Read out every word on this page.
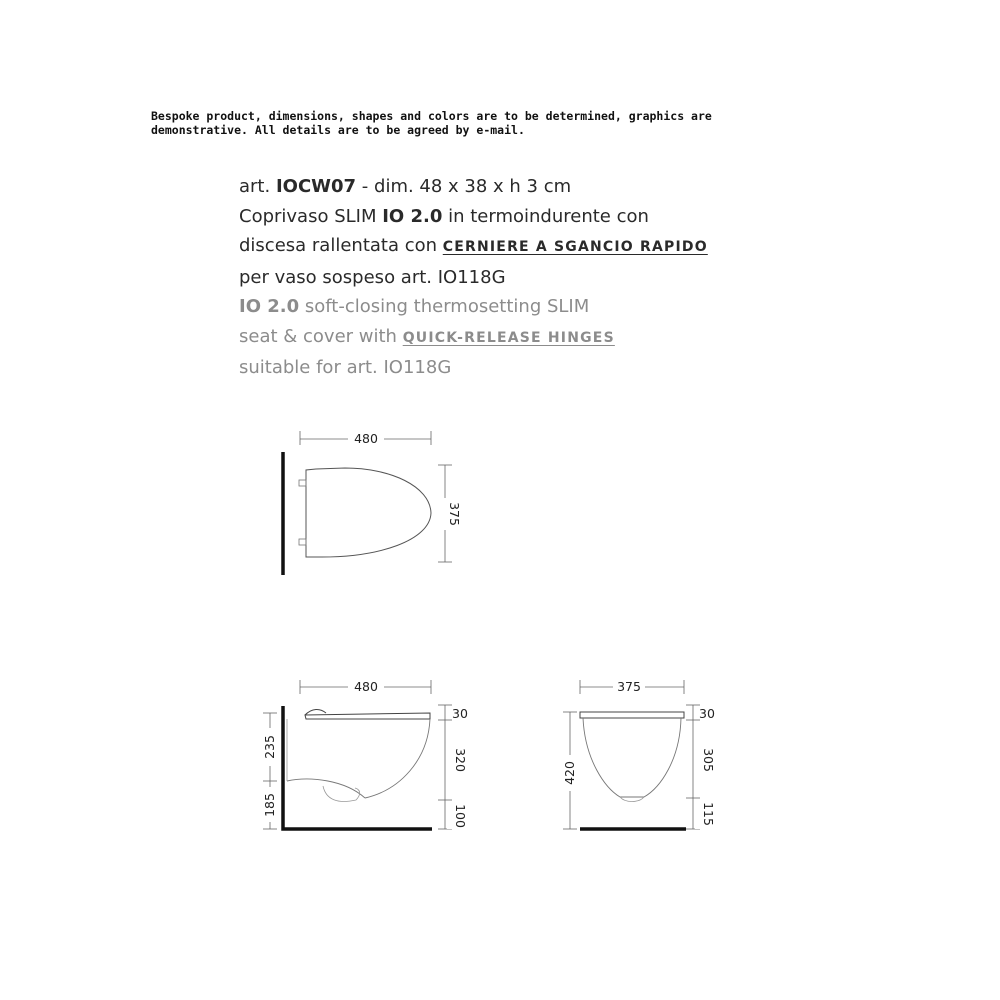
Bespoke product, dimensions, shapes and colors are to be determined, graphics are
demonstrative. All details are to be agreed by e-mail.
art. IOCW07 - dim. 48 x 38 x h 3 cm
Coprivaso SLIM IO 2.0 in termoindurente con
discesa rallentata con CERNIERE A SGANCIO RAPIDO
per vaso sospeso art. IO118G
IO 2.0 soft-closing thermosetting SLIM
seat & cover with QUICK-RELEASE HINGES
suitable for art. IO118G
480
375
480
235
185
30
320
100
375
420
30
305
115
